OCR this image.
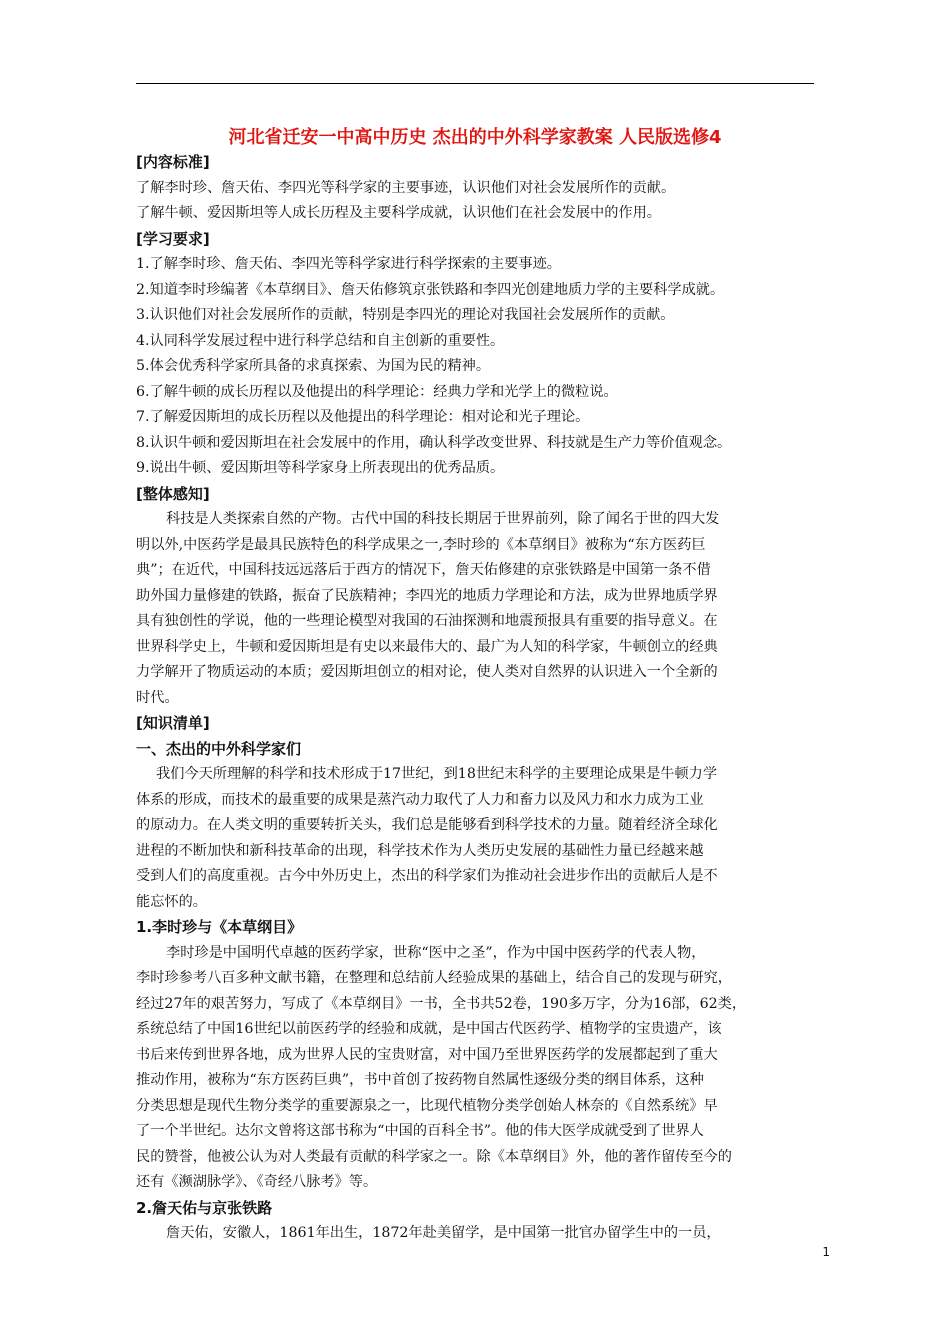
河北省迁安一中高中历史 杰出的中外科学家教案 人民版选修4

[内容标准]

了解李时珍、詹天佑、李四光等科学家的主要事迹，认识他们对社会发展所作的贡献。

了解牛顿、爱因斯坦等人成长历程及主要科学成就，认识他们在社会发展中的作用。

[学习要求]

1.了解李时珍、詹天佑、李四光等科学家进行科学探索的主要事迹。

2.知道李时珍编著《本草纲目》、詹天佑修筑京张铁路和李四光创建地质力学的主要科学成就。

3.认识他们对社会发展所作的贡献，特别是李四光的理论对我国社会发展所作的贡献。

4.认同科学发展过程中进行科学总结和自主创新的重要性。

5.体会优秀科学家所具备的求真探索、为国为民的精神。

6.了解牛顿的成长历程以及他提出的科学理论：经典力学和光学上的微粒说。

7.了解爱因斯坦的成长历程以及他提出的科学理论：相对论和光子理论。

8.认识牛顿和爱因斯坦在社会发展中的作用，确认科学改变世界、科技就是生产力等价值观念。

9.说出牛顿、爱因斯坦等科学家身上所表现出的优秀品质。

[整体感知]

科技是人类探索自然的产物。古代中国的科技长期居于世界前列，除了闻名于世的四大发
明以外,中医药学是最具民族特色的科学成果之一,李时珍的《本草纲目》被称为“东方医药巨
典”；在近代，中国科技远远落后于西方的情况下，詹天佑修建的京张铁路是中国第一条不借
助外国力量修建的铁路，振奋了民族精神；李四光的地质力学理论和方法，成为世界地质学界
具有独创性的学说，他的一些理论模型对我国的石油探测和地震预报具有重要的指导意义。在
世界科学史上，牛顿和爱因斯坦是有史以来最伟大的、最广为人知的科学家，牛顿创立的经典
力学解开了物质运动的本质；爱因斯坦创立的相对论，使人类对自然界的认识进入一个全新的
时代。

[知识清单]

一、杰出的中外科学家们

我们今天所理解的科学和技术形成于17世纪，到18世纪末科学的主要理论成果是牛顿力学
体系的形成，而技术的最重要的成果是蒸汽动力取代了人力和畜力以及风力和水力成为工业
的原动力。在人类文明的重要转折关头，我们总是能够看到科学技术的力量。随着经济全球化
进程的不断加快和新科技革命的出现，科学技术作为人类历史发展的基础性力量已经越来越
受到人们的高度重视。古今中外历史上，杰出的科学家们为推动社会进步作出的贡献后人是不
能忘怀的。

1.李时珍与《本草纲目》

李时珍是中国明代卓越的医药学家，世称“医中之圣”，作为中国中医药学的代表人物，
李时珍参考八百多种文献书籍，在整理和总结前人经验成果的基础上，结合自己的发现与研究，
经过27年的艰苦努力，写成了《本草纲目》一书，全书共52卷，190多万字，分为16部，62类，
系统总结了中国16世纪以前医药学的经验和成就，是中国古代医药学、植物学的宝贵遗产，该
书后来传到世界各地，成为世界人民的宝贵财富，对中国乃至世界医药学的发展都起到了重大
推动作用，被称为“东方医药巨典”，书中首创了按药物自然属性逐级分类的纲目体系，这种
分类思想是现代生物分类学的重要源泉之一，比现代植物分类学创始人林奈的《自然系统》早
了一个半世纪。达尔文曾将这部书称为“中国的百科全书”。他的伟大医学成就受到了世界人
民的赞誉，他被公认为对人类最有贡献的科学家之一。除《本草纲目》外，他的著作留传至今的
还有《濒湖脉学》、《奇经八脉考》等。

2.詹天佑与京张铁路

詹天佑，安徽人，1861年出生，1872年赴美留学，是中国第一批官办留学生中的一员，
1
